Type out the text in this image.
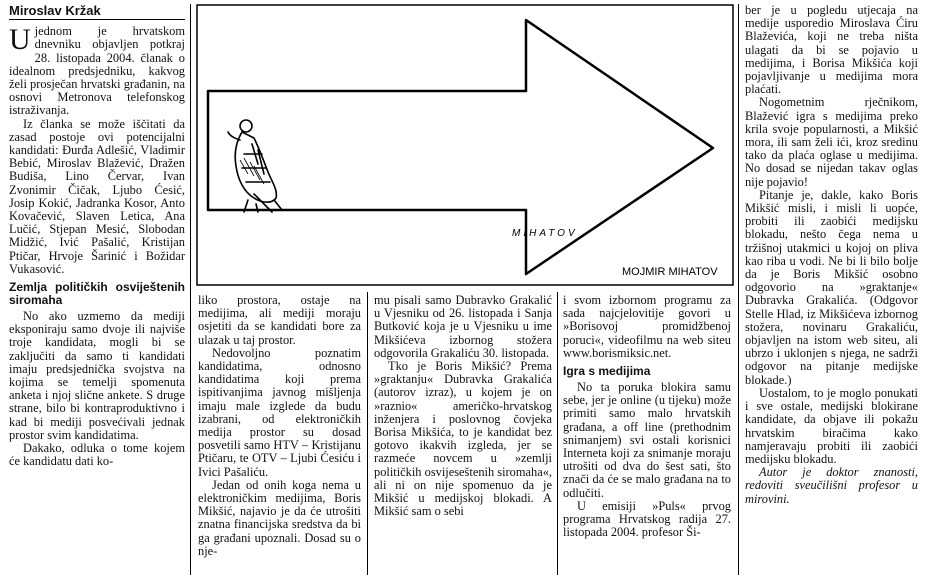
Miroslav Kržak

Ujednom je hrvatskom dnevniku objavljen potkraj 28. listopada 2004. članak o idealnom predsjedniku, kakvog želi prosječan hrvatski građanin, na osnovi Metronova telefonskog istraživanja.

Iz članka se može iščitati da zasad postoje ovi potencijalni kandidati: Đurđa Adlešić, Vladimir Bebić, Miroslav Blažević, Dražen Budiša, Lino Červar, Ivan Zvonimir Čičak, Ljubo Ćesić, Josip Kokić, Jadranka Kosor, Anto Kovačević, Slaven Letica, Ana Lučić, Stjepan Mesić, Slobodan Midžić, Ivić Pašalić, Kristijan Ptičar, Hrvoje Šarinić i Božidar Vukasović.

Zemlja političkih osviještenih siromaha

No ako uzmemo da mediji eksponiraju samo dvoje ili najviše troje kandidata, mogli bi se zaključiti da samo ti kandidati imaju predsjednička svojstva na kojima se temelji spomenuta anketa i njoj slične ankete. S druge strane, bilo bi kontraproduktivno i kad bi mediji posvećivali jednak prostor svim kandidatima.

Dakako, odluka o tome kojem će kandidatu dati ko-

MIHATOV
MOJMIR MIHATOV

liko prostora, ostaje na medijima, ali mediji moraju osjetiti da se kandidati bore za ulazak u taj prostor.

Nedovoljno poznatim kandidatima, odnosno kandidatima koji prema ispitivanjima javnog mišljenja imaju male izglede da budu izabrani, od elektroničkih medija prostor su dosad posvetili samo HTV – Kristijanu Ptičaru, te OTV – Ljubi Ćesiću i Ivici Pašaliću.

Jedan od onih koga nema u elektroničkim medijima, Boris Mikšić, najavio je da će utrošiti znatna financijska sredstva da bi ga građani upoznali. Dosad su o nje-

mu pisali samo Dubravko Grakalić u Vjesniku od 26. listopada i Sanja Butković koja je u Vjesniku u ime Mikšićeva izbornog stožera odgovorila Grakaliću 30. listopada.

Tko je Boris Mikšić? Prema »graktanju« Dubravka Grakalića (autorov izraz), u kojem je on »raznio« američko-hrvatskog inženjera i poslovnog čovjeka Borisa Mikšića, to je kandidat bez gotovo ikakvih izgleda, jer se razmeće novcem u »zemlji političkih osvijeseštenih siromaha«, ali ni on nije spomenuo da je Mikšić u medijskoj blokadi. A Mikšić sam o sebi

i svom izbornom programu za sada najcjelovitije govori u »Borisovoj promidžbenoj poruci«, videofilmu na web siteu www.borismiksic.net.

Igra s medijima

No ta poruka blokira samu sebe, jer je online (u tijeku) može primiti samo malo hrvatskih građana, a off line (prethodnim snimanjem) svi ostali korisnici Interneta koji za snimanje moraju utrošiti od dva do šest sati, što znači da će se malo građana na to odlučiti.

U emisiji »Puls« prvog programa Hrvatskog radija 27. listopada 2004. profesor Ši-

ber je u pogledu utjecaja na medije usporedio Miroslava Ćiru Blaževića, koji ne treba ništa ulagati da bi se pojavio u medijima, i Borisa Mikšića koji pojavljivanje u medijima mora plaćati.

Nogometnim rječnikom, Blažević igra s medijima preko krila svoje popularnosti, a Mikšić mora, ili sam želi ići, kroz sredinu tako da plaća oglase u medijima. No dosad se nijedan takav oglas nije pojavio!

Pitanje je, dakle, kako Boris Mikšić misli, i misli li uopće, probiti ili zaobići medijsku blokadu, nešto čega nema u tržišnoj utakmici u kojoj on pliva kao riba u vodi. Ne bi li bilo bolje da je Boris Mikšić osobno odgovorio na »graktanje« Dubravka Grakalića. (Odgovor Stelle Hlad, iz Mikšićeva izbornog stožera, novinaru Grakaliću, objavljen na istom web siteu, ali ubrzo i uklonjen s njega, ne sadrži odgovor na pitanje medijske blokade.)

Uostalom, to je moglo ponukati i sve ostale, medijski blokirane kandidate, da objave ili pokažu hrvatskim biračima kako namjeravaju probiti ili zaobići medijsku blokadu.

Autor je doktor znanosti, redoviti sveučilišni profesor u mirovini.
